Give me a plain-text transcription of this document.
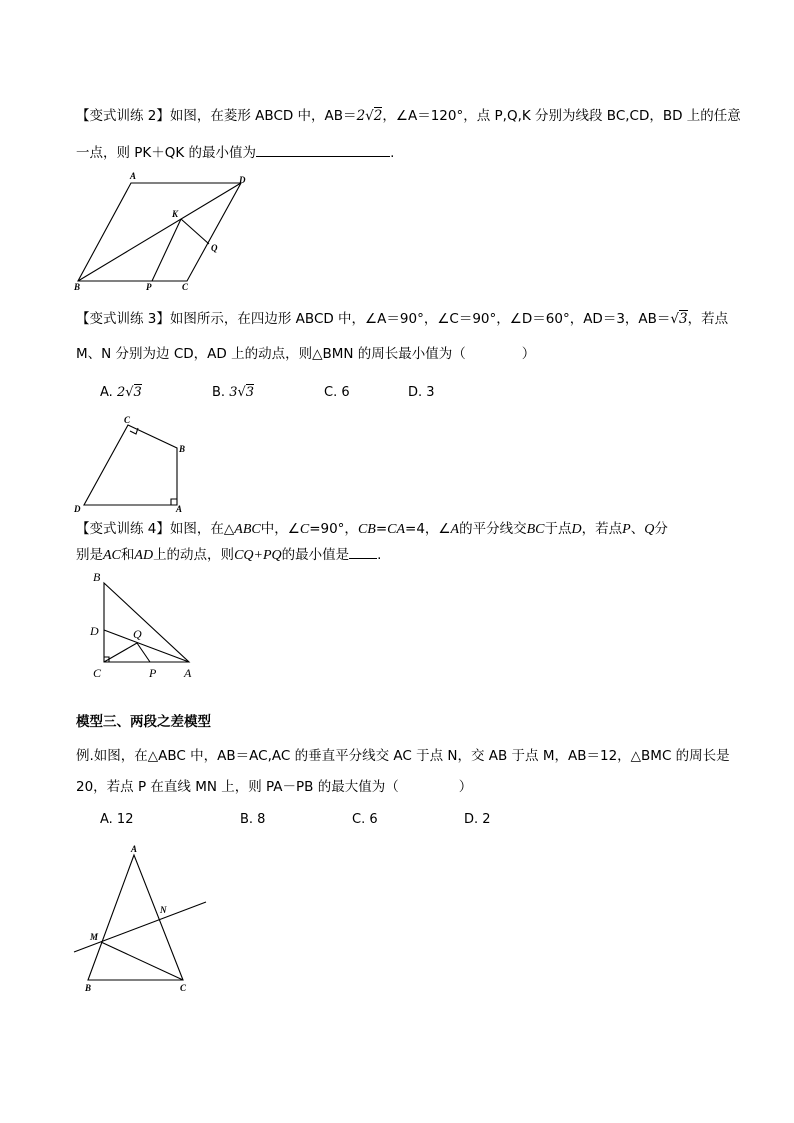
【变式训练 2】如图，在菱形 ABCD 中，AB＝2√2，∠A＝120°，点 P,Q,K 分别为线段 BC,CD，BD 上的任意
一点，则 PK＋QK 的最小值为	.
A	D
K
Q
B	P	C
【变式训练 3】如图所示，在四边形 ABCD 中，∠A＝90°，∠C＝90°，∠D＝60°，AD＝3，AB＝√3，若点
M、N 分别为边 CD，AD 上的动点，则△BMN 的周长最小值为（	）
A. 2√3	B. 3√3	C. 6	D. 3
C
B
D	A
【变式训练 4】如图，在△ABC中，∠C=90°，CB=CA=4，∠A的平分线交BC于点D，若点P、Q分
别是AC和AD上的动点，则CQ+PQ的最小值是 .
B
D	Q
C	P A
模型三、两段之差模型
例.如图，在△ABC 中，AB＝AC,AC 的垂直平分线交 AC 于点 N，交 AB 于点 M，AB＝12，△BMC 的周长是
20，若点 P 在直线 MN 上，则 PA－PB 的最大值为（	）
A. 12	B. 8	C. 6	D. 2
A
N
M
B	C
